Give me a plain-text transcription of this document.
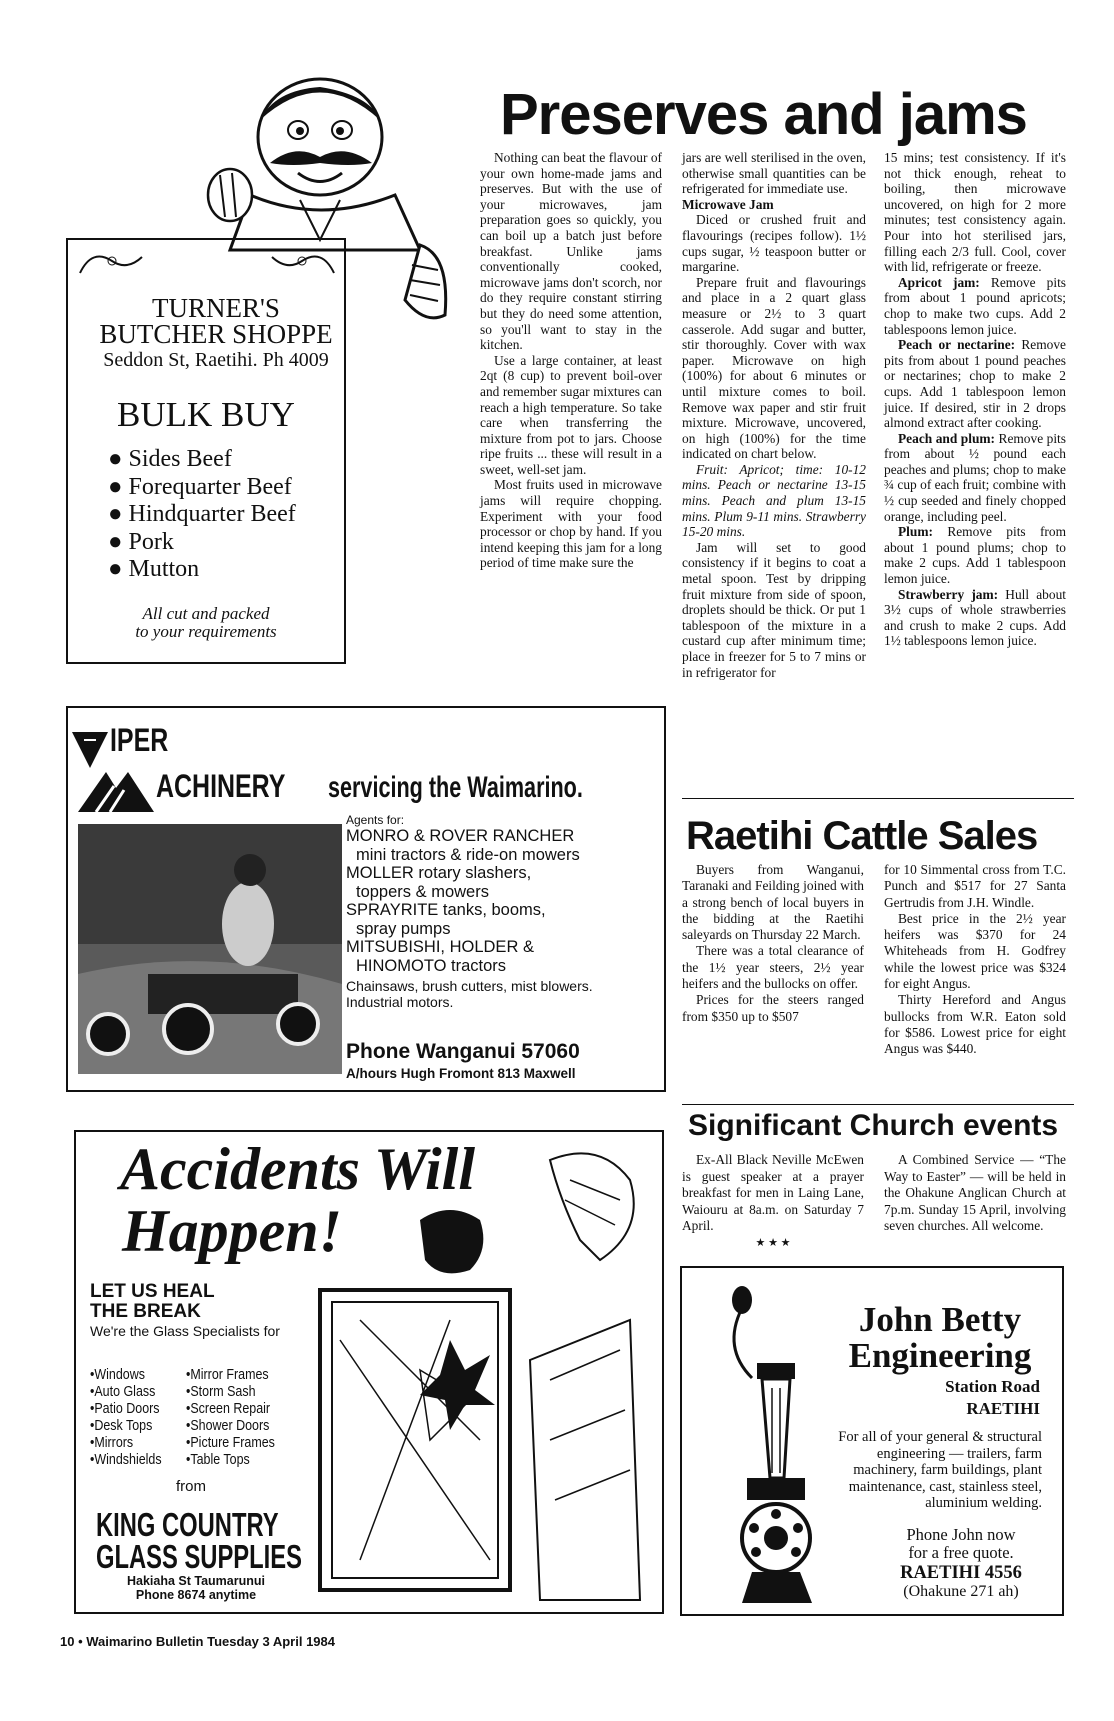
TURNER'S
BUTCHER SHOPPE
Seddon St, Raetihi. Ph 4009
BULK BUY
● Sides Beef
● Forequarter Beef
● Hindquarter Beef
● Pork
● Mutton
All cut and packed
to your requirements
Preserves and jams

Nothing can beat the flavour of your own home-made jams and preserves. But with the use of your microwaves, jam preparation goes so quickly, you can boil up a batch just before breakfast. Unlike jams conventionally cooked, microwave jams don't scorch, nor do they require constant stirring but they do need some attention, so you'll want to stay in the kitchen.

Use a large container, at least 2qt (8 cup) to prevent boil-over and remember sugar mixtures can reach a high temperature. So take care when transferring the mixture from pot to jars. Choose ripe fruits ... these will result in a sweet, well-set jam.

Most fruits used in microwave jams will require chopping. Experiment with your food processor or chop by hand. If you intend keeping this jam for a long period of time make sure the

jars are well sterilised in the oven, otherwise small quantities can be refrigerated for immediate use.

Microwave Jam

Diced or crushed fruit and flavourings (recipes follow). 1½ cups sugar, ½ teaspoon butter or margarine.

Prepare fruit and flavourings and place in a 2 quart glass measure or 2½ to 3 quart casserole. Add sugar and butter, stir thoroughly. Cover with wax paper. Microwave on high (100%) for about 6 minutes or until mixture comes to boil. Remove wax paper and stir fruit mixture. Microwave, uncovered, on high (100%) for the time indicated on chart below.

Fruit: Apricot; time: 10-12 mins. Peach or nectarine 13-15 mins. Peach and plum 13-15 mins. Plum 9-11 mins. Strawberry 15-20 mins.

Jam will set to good consistency if it begins to coat a metal spoon. Test by dripping fruit mixture from side of spoon, droplets should be thick. Or put 1 tablespoon of the mixture in a custard cup after minimum time; place in freezer for 5 to 7 mins or in refrigerator for

15 mins; test consistency. If it's not thick enough, reheat to boiling, then microwave uncovered, on high for 2 more minutes; test consistency again. Pour into hot sterilised jars, filling each 2/3 full. Cool, cover with lid, refrigerate or freeze.

Apricot jam: Remove pits from about 1 pound apricots; chop to make two cups. Add 2 tablespoons lemon juice.

Peach or nectarine: Remove pits from about 1 pound peaches or nectarines; chop to make 2 cups. Add 1 tablespoon lemon juice. If desired, stir in 2 drops almond extract after cooking.

Peach and plum: Remove pits from about ½ pound each peaches and plums; chop to make ¾ cup of each fruit; combine with ½ cup seeded and finely chopped orange, including peel.

Plum: Remove pits from about 1 pound plums; chop to make 2 cups. Add 1 tablespoon lemon juice.

Strawberry jam: Hull about 3½ cups of whole strawberries and crush to make 2 cups. Add 1½ tablespoons lemon juice.

IPER
ACHINERY servicing the Waimarino.
Agents for:
MONRO & ROVER RANCHER
mini tractors & ride-on mowers
MOLLER rotary slashers,
toppers & mowers
SPRAYRITE tanks, booms,
spray pumps
MITSUBISHI, HOLDER &
HINOMOTO tractors
Chainsaws, brush cutters, mist blowers.
Industrial motors.
Phone Wanganui 57060
A/hours Hugh Fromont 813 Maxwell
Raetihi Cattle Sales

Buyers from Wanganui, Taranaki and Feilding joined with a strong bench of local buyers in the bidding at the Raetihi saleyards on Thursday 22 March.

There was a total clearance of the 1½ year steers, 2½ year heifers and the bullocks on offer.

Prices for the steers ranged from $350 up to $507

for 10 Simmental cross from T.C. Punch and $517 for 27 Santa Gertrudis from J.H. Windle.

Best price in the 2½ year heifers was $370 for 24 Whiteheads from H. Godfrey while the lowest price was $324 for eight Angus.

Thirty Hereford and Angus bullocks from W.R. Eaton sold for $586. Lowest price for eight Angus was $440.

Significant Church events

Ex-All Black Neville McEwen is guest speaker at a prayer breakfast for men in Laing Lane, Waiouru at 8a.m. on Saturday 7 April.

★ ★ ★

A Combined Service — “The Way to Easter” — will be held in the Ohakune Anglican Church at 7p.m. Sunday 15 April, involving seven churches. All welcome.

Accidents Will
Happen!
LET US HEAL
THE BREAK
We're the Glass Specialists for
•Windows
•Auto Glass
•Patio Doors
•Desk Tops
•Mirrors
•Windshields
•Mirror Frames
•Storm Sash
•Screen Repair
•Shower Doors
•Picture Frames
•Table Tops
from
KING COUNTRY
GLASS SUPPLIES
Hakiaha St Taumarunui
Phone 8674 anytime
John Betty
Engineering
Station Road
RAETIHI
For all of your general & structural engineering — trailers, farm machinery, farm buildings, plant maintenance, cast, stainless steel, aluminium welding.
Phone John now
for a free quote.
RAETIHI 4556
(Ohakune 271 ah)
10 • Waimarino Bulletin Tuesday 3 April 1984
